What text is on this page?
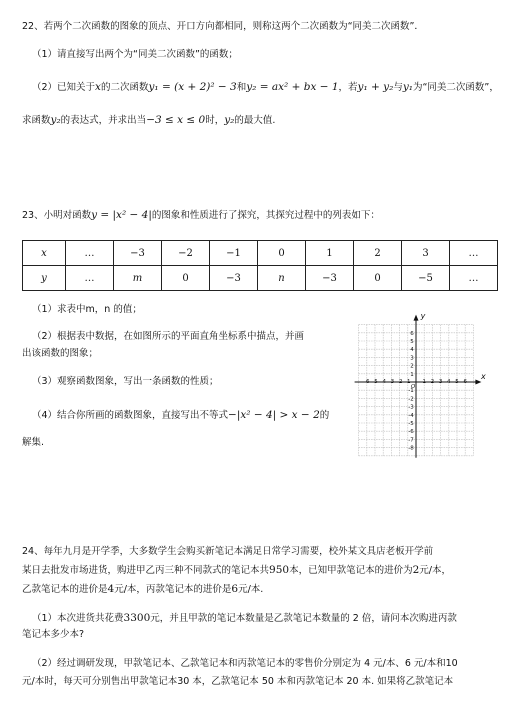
22、若两个二次函数的图象的顶点、开口方向都相同，则称这两个二次函数为“同美二次函数”．
（1）请直接写出两个为“同美二次函数”的函数；
（2）已知关于x的二次函数y₁ = (x + 2)² − 3和y₂ = ax² + bx − 1，若y₁ + y₂与y₁为“同美二次函数”，
求函数y₂的表达式，并求出当−3 ≤ x ≤ 0时，y₂的最大值.
23、小明对函数y = |x² − 4|的图象和性质进行了探究，其探究过程中的列表如下：
x	…	−3	−2	−1	0	1	2	3	…
y	…	m	0	−3	n	−3	0	−5	…
（1）求表中m，n 的值；
（2）根据表中数据，在如图所示的平面直角坐标系中描点，并画
出该函数的图象；
（3）观察函数图象，写出一条函数的性质；
（4）结合你所画的函数图象，直接写出不等式−|x² − 4| > x − 2的
解集.
x
y
O
-6 -5 -4 -3 -2 -1 1 2 3 4 5 6
6
5
4
3
2
1
-1
-2
-3
-4
-5
-6
-7
-8
24、每年九月是开学季，大多数学生会购买新笔记本满足日常学习需要，校外某文具店老板开学前
某日去批发市场进货，购进甲乙丙三种不同款式的笔记本共950本，已知甲款笔记本的进价为2元/本，
乙款笔记本的进价是4元/本，丙款笔记本的进价是6元/本.
（1）本次进货共花费3300元，并且甲款的笔记本数量是乙款笔记本数量的 2 倍，请问本次购进丙款
笔记本多少本?
（2）经过调研发现，甲款笔记本、乙款笔记本和丙款笔记本的零售价分别定为 4 元/本、6 元/本和10
元/本时，每天可分别售出甲款笔记本30 本，乙款笔记本 50 本和丙款笔记本 20 本. 如果将乙款笔记本
